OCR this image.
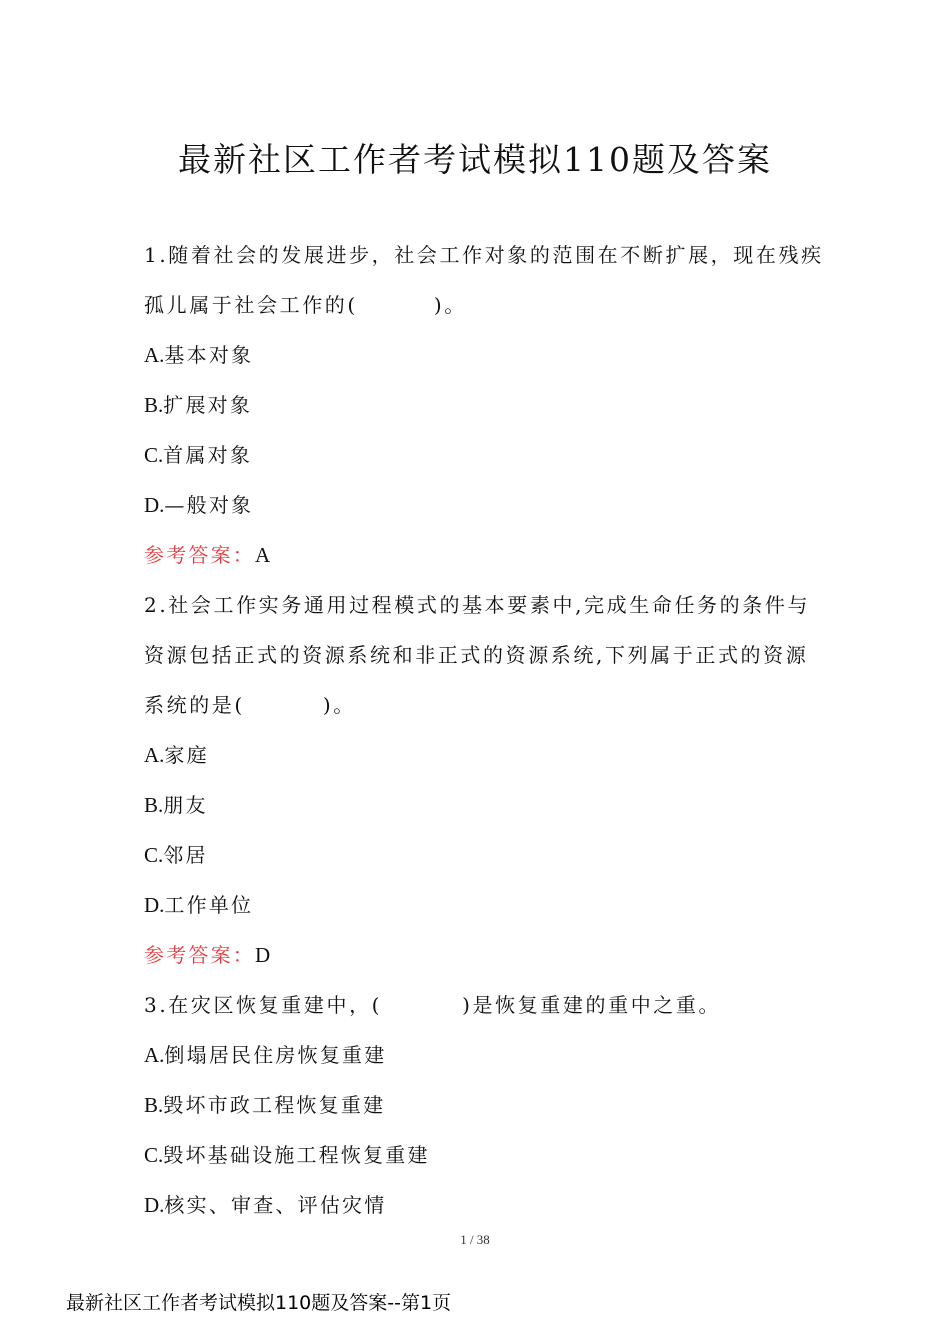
最新社区工作者考试模拟110题及答案
1.随着社会的发展进步，社会工作对象的范围在不断扩展，现在残疾
孤儿属于社会工作的(	)。
A.基本对象
B.扩展对象
C.首属对象
D.—般对象
参考答案：A
2.社会工作实务通用过程模式的基本要素中,完成生命任务的条件与
资源包括正式的资源系统和非正式的资源系统,下列属于正式的资源
系统的是(	)。
A.家庭
B.朋友
C.邻居
D.工作单位
参考答案：D
3.在灾区恢复重建中，(	)是恢复重建的重中之重。
A.倒塌居民住房恢复重建
B.毁坏市政工程恢复重建
C.毁坏基础设施工程恢复重建
D.核实、审查、评估灾情
1 / 38
最新社区工作者考试模拟110题及答案--第1页
